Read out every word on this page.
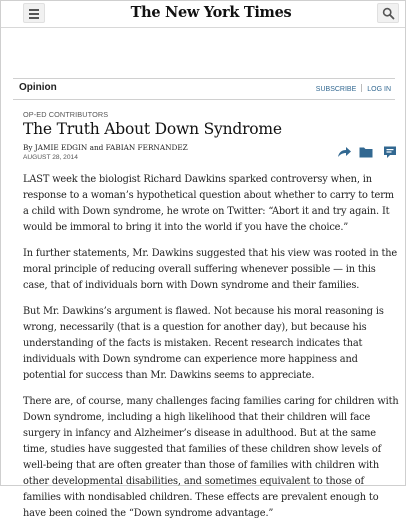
The New York Times
Opinion	SUBSCRIBE LOG IN
OP-ED CONTRIBUTORS
The Truth About Down Syndrome
By JAMIE EDGIN and FABIAN FERNANDEZ
AUGUST 28, 2014

LAST week the biologist Richard Dawkins sparked controversy when, in response to a woman’s hypothetical question about whether to carry to term a child with Down syndrome, he wrote on Twitter: “Abort it and try again. It would be immoral to bring it into the world if you have the choice.”

In further statements, Mr. Dawkins suggested that his view was rooted in the moral principle of reducing overall suffering whenever possible — in this case, that of individuals born with Down syndrome and their families.

But Mr. Dawkins’s argument is flawed. Not because his moral reasoning is wrong, necessarily (that is a question for another day), but because his understanding of the facts is mistaken. Recent research indicates that individuals with Down syndrome can experience more happiness and potential for success than Mr. Dawkins seems to appreciate.

There are, of course, many challenges facing families caring for children with Down syndrome, including a high likelihood that their children will face surgery in infancy and Alzheimer’s disease in adulthood. But at the same time, studies have suggested that families of these children show levels of well-being that are often greater than those of families with children with other developmental disabilities, and sometimes equivalent to those of families with nondisabled children. These effects are prevalent enough to have been coined the “Down syndrome advantage.”
